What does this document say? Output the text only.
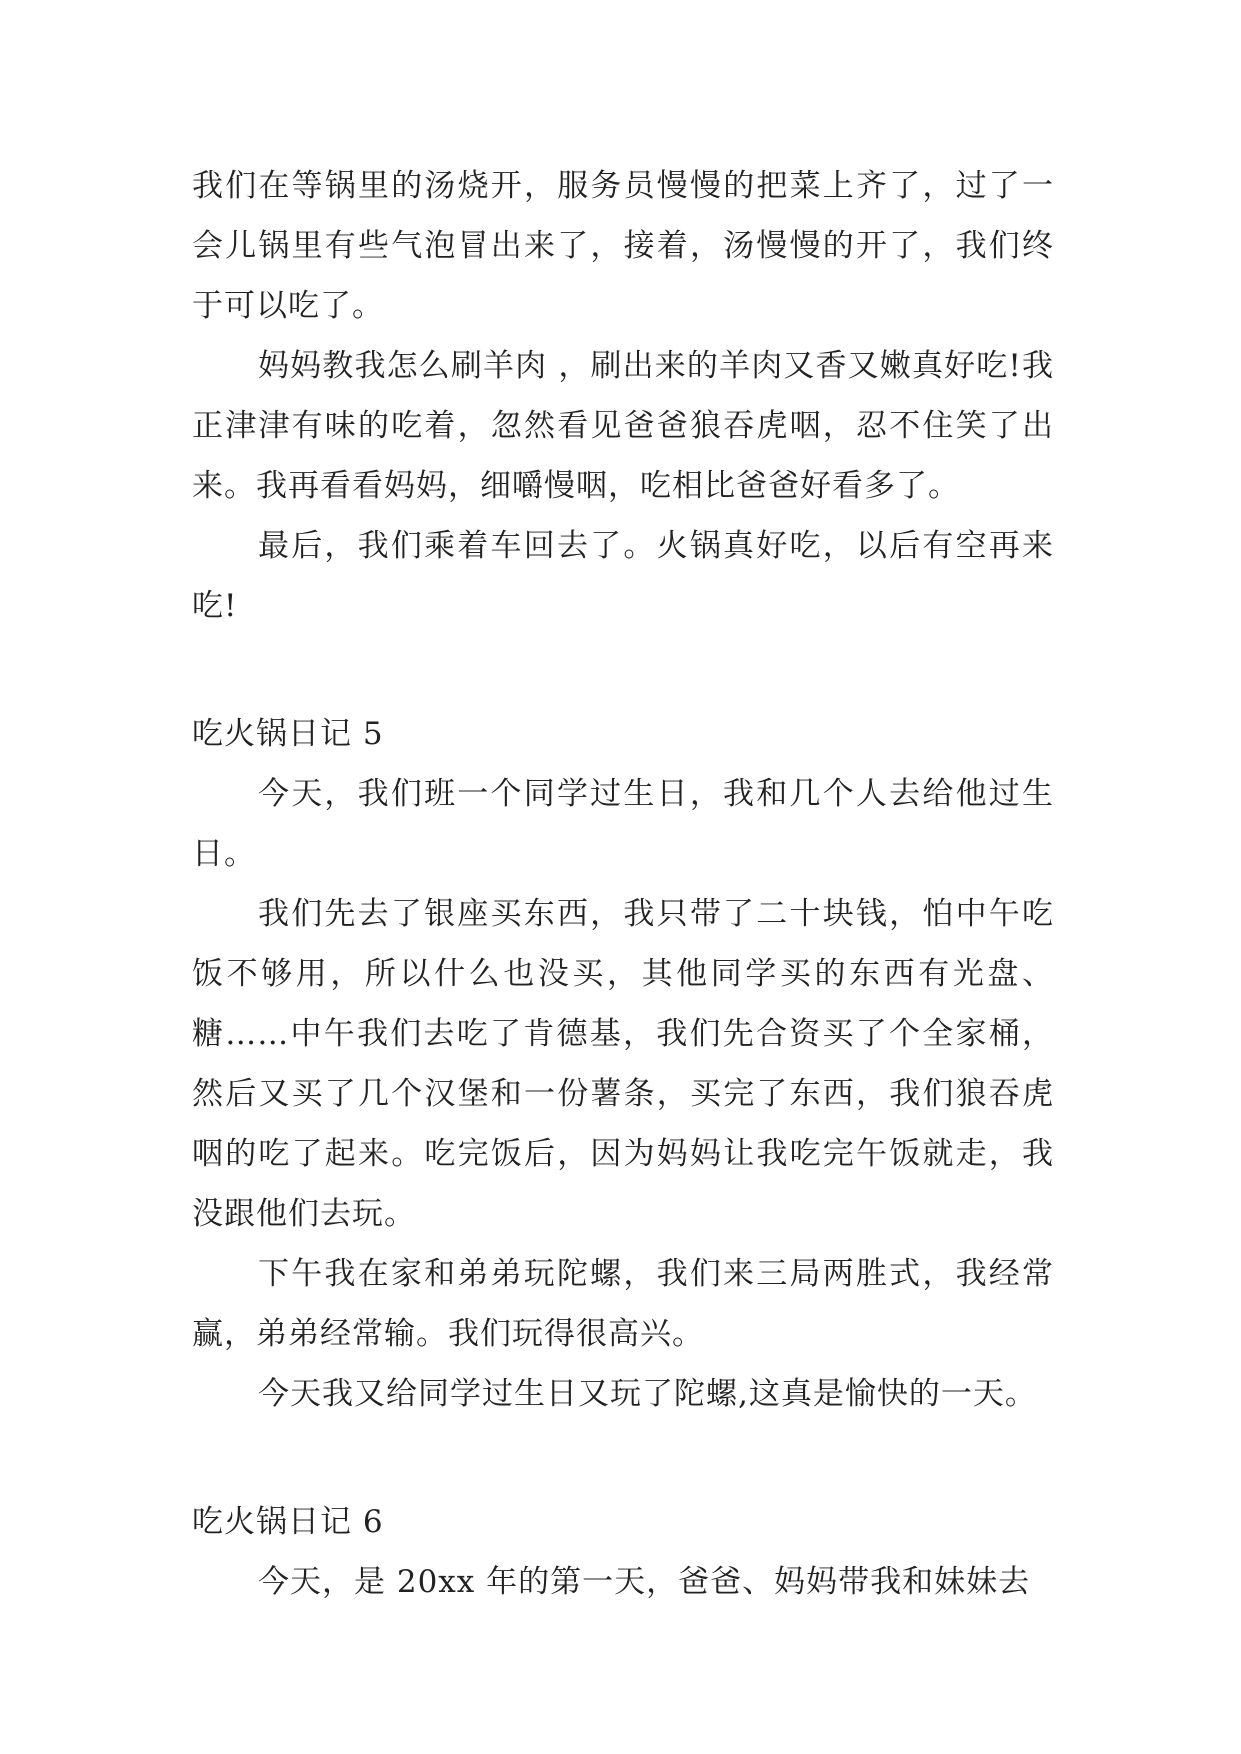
我们在等锅里的汤烧开，服务员慢慢的把菜上齐了，过了一会儿锅里有些气泡冒出来了，接着，汤慢慢的开了，我们终于可以吃了。

妈妈教我怎么刷羊肉 ，刷出来的羊肉又香又嫩真好吃!我正津津有味的吃着，忽然看见爸爸狼吞虎咽，忍不住笑了出来。我再看看妈妈，细嚼慢咽，吃相比爸爸好看多了。

最后，我们乘着车回去了。火锅真好吃，以后有空再来吃!

吃火锅日记 5

今天，我们班一个同学过生日，我和几个人去给他过生日。

我们先去了银座买东西，我只带了二十块钱，怕中午吃饭不够用，所以什么也没买，其他同学买的东西有光盘、糖……中午我们去吃了肯德基，我们先合资买了个全家桶，然后又买了几个汉堡和一份薯条，买完了东西，我们狼吞虎咽的吃了起来。吃完饭后，因为妈妈让我吃完午饭就走，我没跟他们去玩。

下午我在家和弟弟玩陀螺，我们来三局两胜式，我经常赢，弟弟经常输。我们玩得很高兴。

今天我又给同学过生日又玩了陀螺,这真是愉快的一天。

吃火锅日记 6

今天，是 20xx 年的第一天，爸爸、妈妈带我和妹妹去
